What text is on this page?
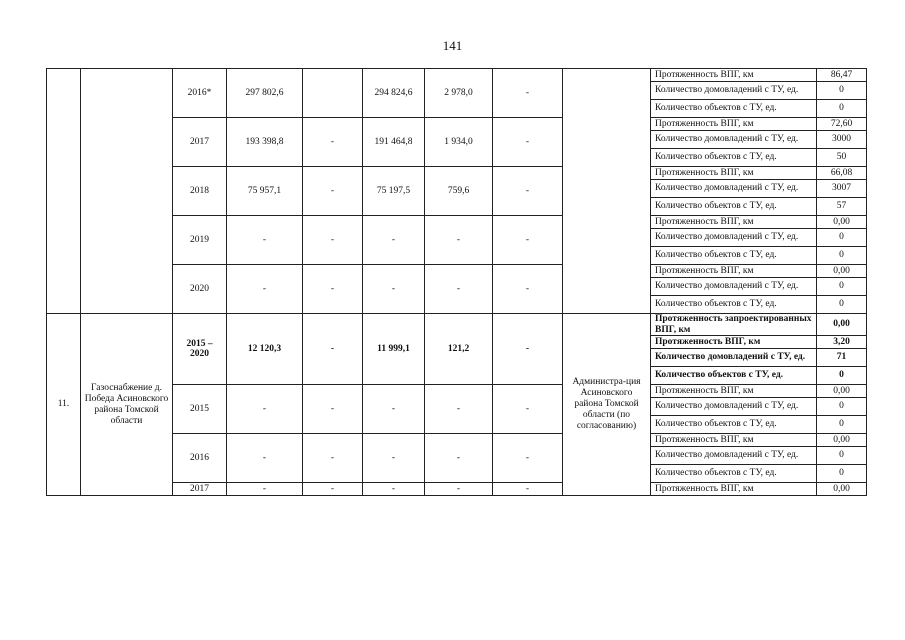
141
		2016*	297 802,6		294 824,6	2 978,0	-		Протяженность ВПГ, км	86,47
									Количество домовладений с ТУ, ед.	0
									Количество объектов с ТУ, ед.	0
		2017	193 398,8	-	191 464,8	1 934,0	-		Протяженность ВПГ, км	72,60
									Количество домовладений с ТУ, ед.	3000
									Количество объектов с ТУ, ед.	50
		2018	75 957,1	-	75 197,5	759,6	-		Протяженность ВПГ, км	66,08
									Количество домовладений с ТУ, ед.	3007
									Количество объектов с ТУ, ед.	57
		2019	-	-	-	-	-		Протяженность ВПГ, км	0,00
									Количество домовладений с ТУ, ед.	0
									Количество объектов с ТУ, ед.	0
		2020	-	-	-	-	-		Протяженность ВПГ, км	0,00
									Количество домовладений с ТУ, ед.	0
									Количество объектов с ТУ, ед.	0
11.	Газоснабжение д. Победа Асиновского района Томской области	2015 – 2020	12 120,3	-	11 999,1	121,2	-	Администра-ция Асиновского района Томской области (по согласованию)	Протяженность запроектированных ВПГ, км	0,00
									Протяженность ВПГ, км	3,20
									Количество домовладений с ТУ, ед.	71
									Количество объектов с ТУ, ед.	0
		2015	-	-	-	-	-		Протяженность ВПГ, км	0,00
									Количество домовладений с ТУ, ед.	0
									Количество объектов с ТУ, ед.	0
		2016	-	-	-	-	-		Протяженность ВПГ, км	0,00
									Количество домовладений с ТУ, ед.	0
									Количество объектов с ТУ, ед.	0
		2017	-	-	-	-	-		Протяженность ВПГ, км	0,00
